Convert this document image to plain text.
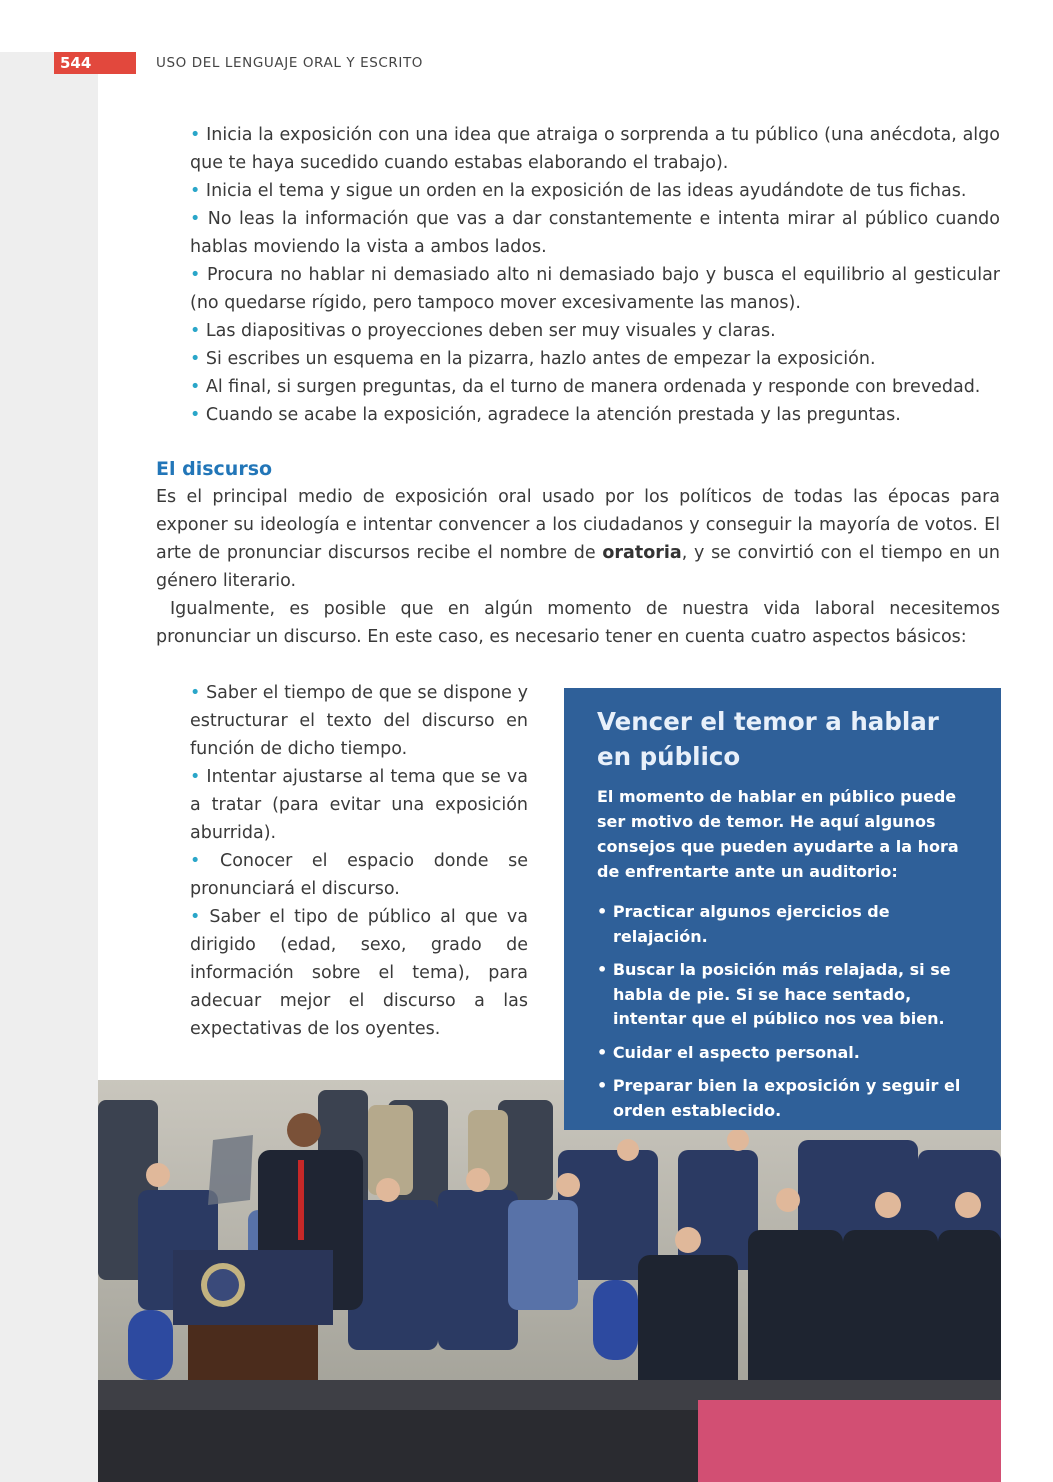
544	USO DEL LENGUAJE ORAL Y ESCRITO
• Inicia la exposición con una idea que atraiga o sorprenda a tu público (una anécdota, algo que te haya sucedido cuando estabas elaborando el trabajo).
• Inicia el tema y sigue un orden en la exposición de las ideas ayudándote de tus fichas.
• No leas la información que vas a dar constantemente e intenta mirar al público cuando hablas moviendo la vista a ambos lados.
• Procura no hablar ni demasiado alto ni demasiado bajo y busca el equilibrio al gesticular (no quedarse rígido, pero tampoco mover excesivamente las manos).
• Las diapositivas o proyecciones deben ser muy visuales y claras.
• Si escribes un esquema en la pizarra, hazlo antes de empezar la exposición.
• Al final, si surgen preguntas, da el turno de manera ordenada y responde con brevedad.
• Cuando se acabe la exposición, agradece la atención prestada y las preguntas.
El discurso

Es el principal medio de exposición oral usado por los políticos de todas las épocas para exponer su ideología e intentar convencer a los ciudadanos y conseguir la mayoría de votos. El arte de pronunciar discursos recibe el nombre de oratoria, y se convirtió con el tiempo en un género literario.

Igualmente, es posible que en algún momento de nuestra vida laboral necesitemos pronunciar un discurso. En este caso, es necesario tener en cuenta cuatro aspectos básicos:

• Saber el tiempo de que se dispone y estructurar el texto del discurso en función de dicho tiempo.
• Intentar ajustarse al tema que se va a tratar (para evitar una exposición aburrida).
• Conocer el espacio donde se pronunciará el discurso.
• Saber el tipo de público al que va dirigido (edad, sexo, grado de información sobre el tema), para adecuar mejor el discurso a las expectativas de los oyentes.
Vencer el temor a hablar
en público

El momento de hablar en público puede ser motivo de temor. He aquí algunos consejos que pueden ayudarte a la hora de enfrentarte ante un auditorio:

• Practicar algunos ejercicios de relajación.
• Buscar la posición más relajada, si se habla de pie. Si se hace sentado, intentar que el público nos vea bien.
• Cuidar el aspecto personal.
• Preparar bien la exposición y seguir el orden establecido.
